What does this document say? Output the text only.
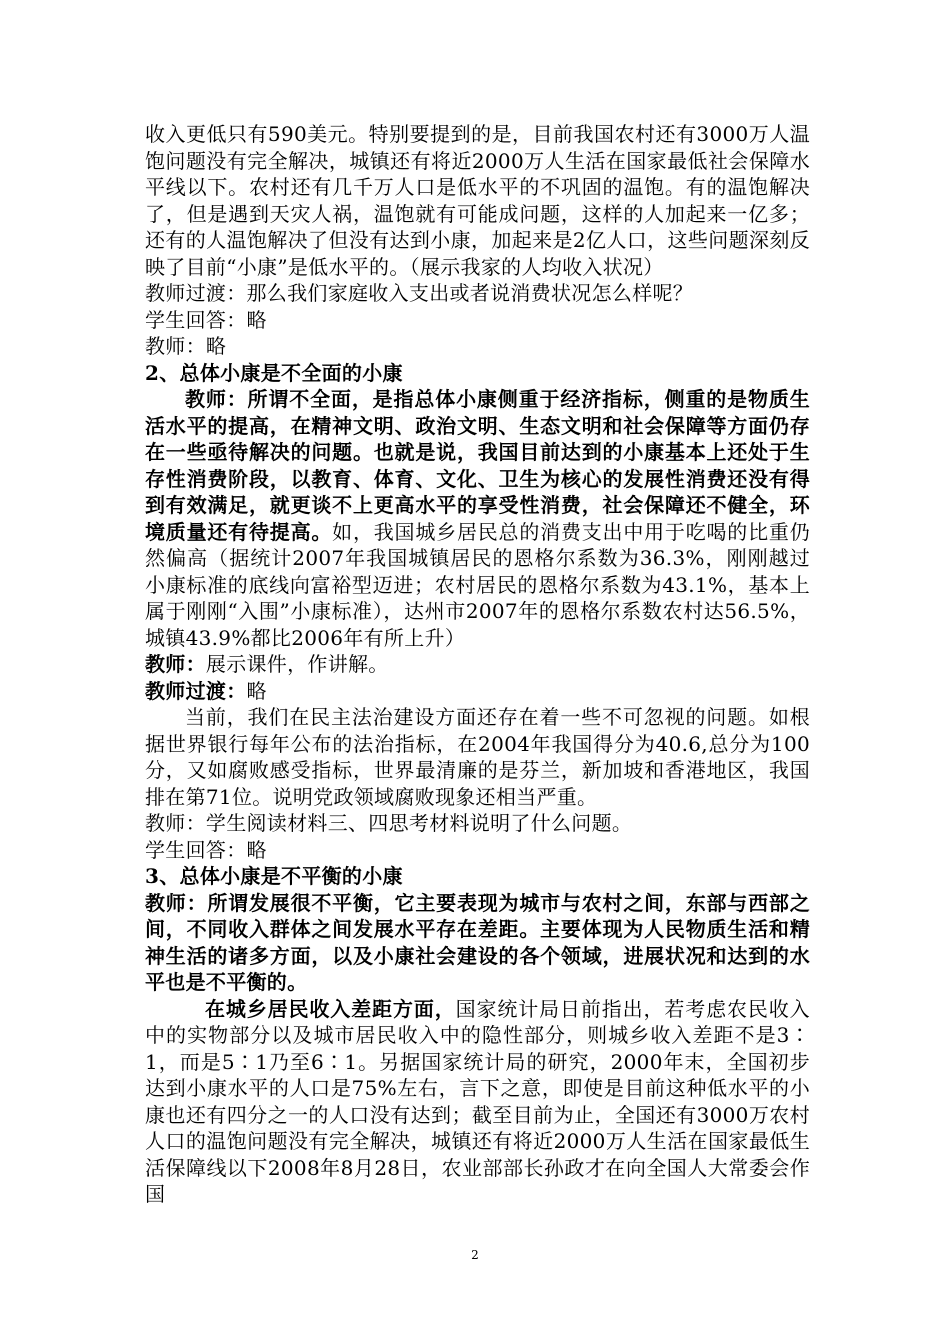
收入更低只有590美元。特别要提到的是，目前我国农村还有3000万人温饱问题没有完全解决，城镇还有将近2000万人生活在国家最低社会保障水平线以下。农村还有几千万人口是低水平的不巩固的温饱。有的温饱解决了，但是遇到天灾人祸，温饱就有可能成问题，这样的人加起来一亿多；还有的人温饱解决了但没有达到小康，加起来是2亿人口，这些问题深刻反映了目前“小康”是低水平的。（展示我家的人均收入状况）

教师过渡：那么我们家庭收入支出或者说消费状况怎么样呢？

学生回答：略

教师：略

2、总体小康是不全面的小康

教师：所谓不全面，是指总体小康侧重于经济指标，侧重的是物质生活水平的提高，在精神文明、政治文明、生态文明和社会保障等方面仍存在一些亟待解决的问题。也就是说，我国目前达到的小康基本上还处于生存性消费阶段，以教育、体育、文化、卫生为核心的发展性消费还没有得到有效满足，就更谈不上更高水平的享受性消费，社会保障还不健全，环境质量还有待提高。如，我国城乡居民总的消费支出中用于吃喝的比重仍然偏高（据统计2007年我国城镇居民的恩格尔系数为36.3%，刚刚越过小康标准的底线向富裕型迈进；农村居民的恩格尔系数为43.1%，基本上属于刚刚“入围”小康标准），达州市2007年的恩格尔系数农村达56.5%，城镇43.9%都比2006年有所上升）

教师：展示课件，作讲解。

教师过渡：略

当前，我们在民主法治建设方面还存在着一些不可忽视的问题。如根据世界银行每年公布的法治指标，在2004年我国得分为40.6,总分为100分，又如腐败感受指标，世界最清廉的是芬兰，新加坡和香港地区，我国排在第71位。说明党政领域腐败现象还相当严重。

教师：学生阅读材料三、四思考材料说明了什么问题。

学生回答：略

3、总体小康是不平衡的小康

教师：所谓发展很不平衡，它主要表现为城市与农村之间，东部与西部之间，不同收入群体之间发展水平存在差距。主要体现为人民物质生活和精神生活的诸多方面，以及小康社会建设的各个领域，进展状况和达到的水平也是不平衡的。

在城乡居民收入差距方面，国家统计局日前指出，若考虑农民收入中的实物部分以及城市居民收入中的隐性部分，则城乡收入差距不是3∶1，而是5∶1乃至6∶1。另据国家统计局的研究，2000年末，全国初步达到小康水平的人口是75%左右，言下之意，即使是目前这种低水平的小康也还有四分之一的人口没有达到；截至目前为止，全国还有3000万农村人口的温饱问题没有完全解决，城镇还有将近2000万人生活在国家最低生活保障线以下2008年8月28日，农业部部长孙政才在向全国人大常委会作国

2
